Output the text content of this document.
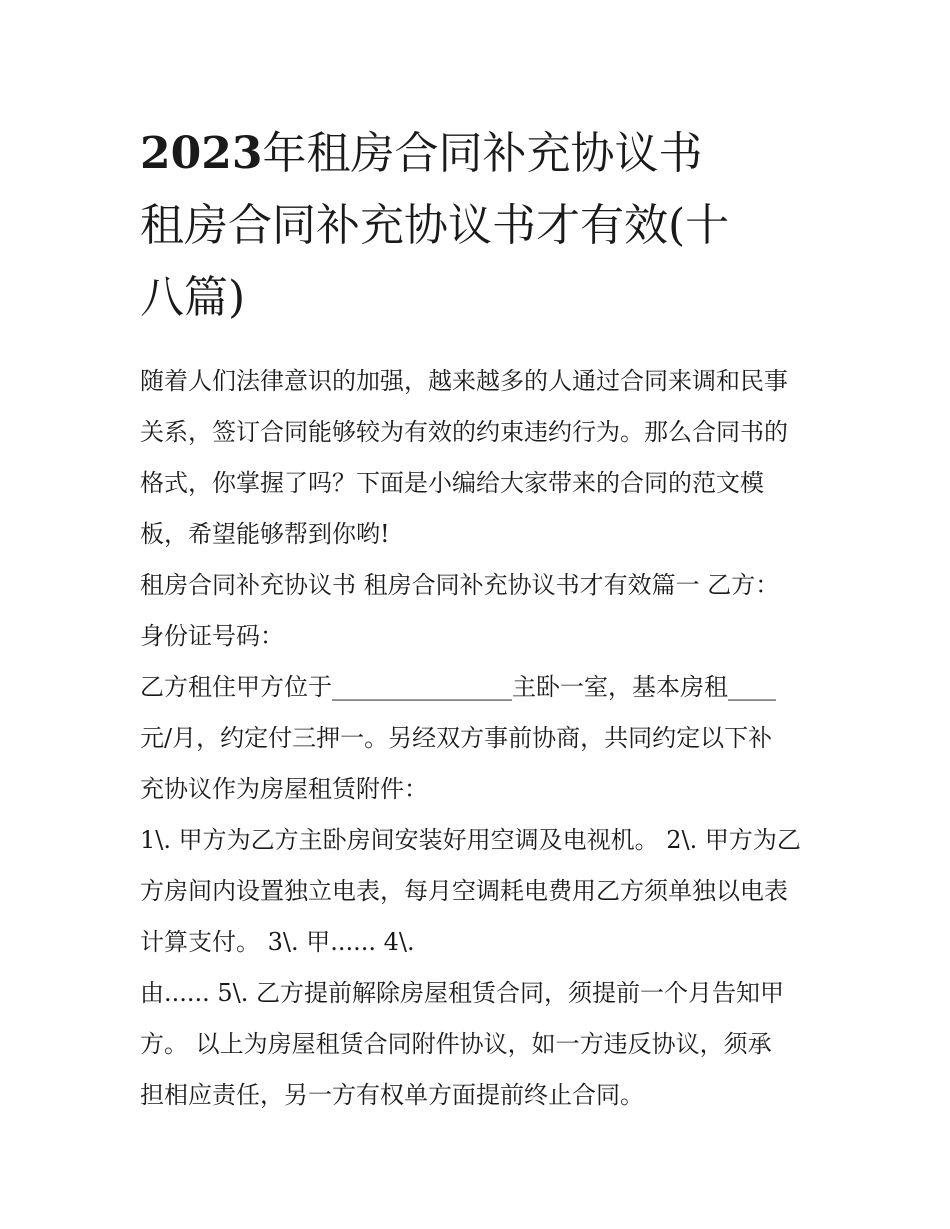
2023年租房合同补充协议书
租房合同补充协议书才有效(十
八篇)

随着人们法律意识的加强，越来越多的人通过合同来调和民事
关系，签订合同能够较为有效的约束违约行为。那么合同书的
格式，你掌握了吗？下面是小编给大家带来的合同的范文模
板，希望能够帮到你哟!

租房合同补充协议书 租房合同补充协议书才有效篇一 乙方：
身份证号码：

乙方租住甲方位于_______________主卧一室，基本房租____
元/月，约定付三押一。另经双方事前协商，共同约定以下补
充协议作为房屋租赁附件：

1\. 甲方为乙方主卧房间安装好用空调及电视机。 2\. 甲方为乙
方房间内设置独立电表，每月空调耗电费用乙方须单独以电表
计算支付。 3\. 甲...... 4\.

由...... 5\. 乙方提前解除房屋租赁合同，须提前一个月告知甲
方。 以上为房屋租赁合同附件协议，如一方违反协议，须承
担相应责任，另一方有权单方面提前终止合同。
